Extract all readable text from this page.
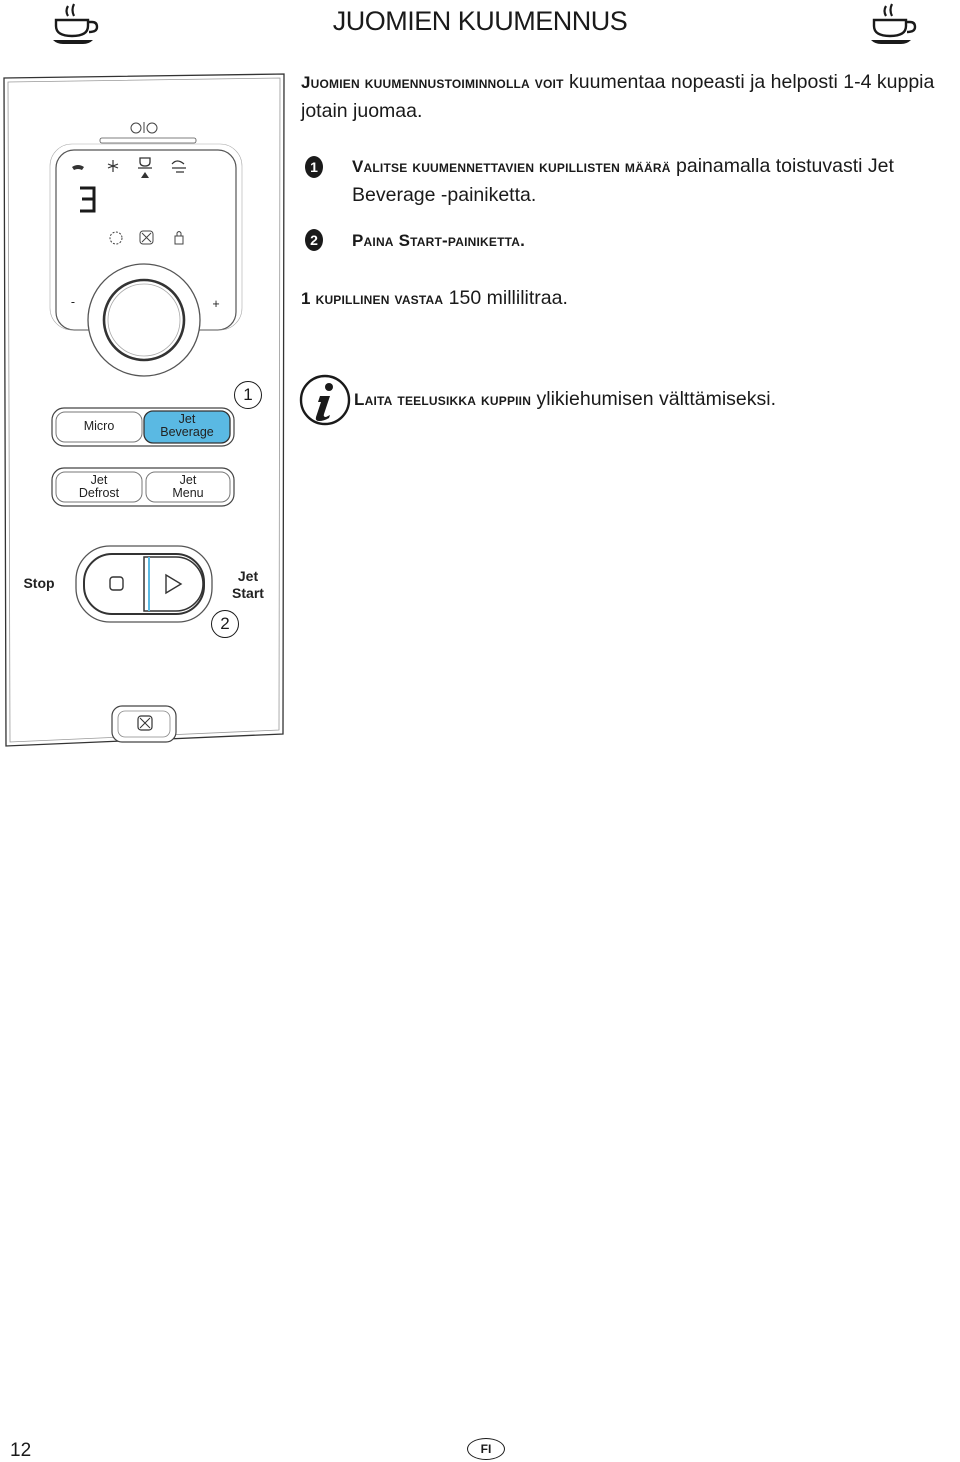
JUOMIEN KUUMENNUS
-	+
Micro	Jet
Beverage
Jet
Defrost
Jet
Menu
Stop	Jet
Start
1
2
Juomien kuumennustoiminnolla voit kuumentaa nopeasti ja helposti 1-4 kuppia jotain juomaa.
1	Valitse kuumennettavien kupillisten määrä painamalla toistuvasti Jet Beverage -painiketta.
2	Paina Start-painiketta.
1 kupillinen vastaa 150 millilitraa.
Laita teelusikka kuppiin ylikiehumisen välttämiseksi.
12	FI
